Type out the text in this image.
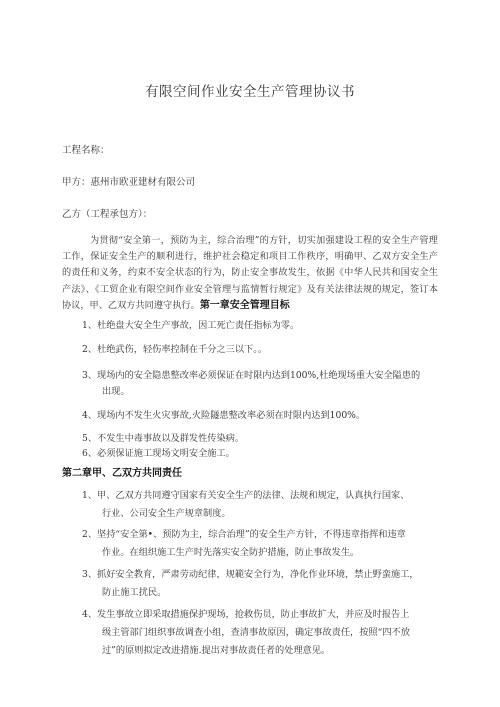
有限空间作业安全生产管理协议书
工程名称：
甲方：惠州市欧亚建材有限公司
乙方（工程承包方）：
为贯彻“安全第一，预防为主，综合治理”的方针，切实加强建设工程的安全生产管理工作，保证安全生产的顺利进行，维护社会稳定和项目工作秩序，明确甲、乙双方安全生产的责任和义务，约束不安全状态的行为，防止安全事故发生，依据《中华人民共和国安全生产法》、《工贸企业有限空间作业安全管理与监情暂行规定》及有关法律法规的规定，签订本协议，甲、乙双方共同遵守执行。第一章安全管理目标
1、杜绝盘大安全生产事故，因工死亡责任指标为零。
2、杜绝武伤，轻伤率控制在千分之三以下。。
3、现场内的安全隐患整改率必须保证在时限内达到100%,杜绝现场重大安全隘患的
出现。
4、现场内不发生火灾事故,火险隧患整改率必须在时限内达到100%。
5、不发生中毒事故以及群发性传染病。
6、必须保证施工现场文明安全施工。
第二章甲、乙双方共同责任
1、甲、乙双方共同遵守国家有关安全生产的法律、法规和规定，认真执行国家、
行业、公司安全生产规章制度。
2、坚持“安全第•、预防为主，综合治理”的安全生产方针，不得违章指挥和违章
作业。在组织施工生产时先落实安全防护措施，防止事故发生。
3、抓好安全教育，严肃劳动纪律，规範安全行为，净化作业环境，禁止野蛮施工，
防止施工扰民。
4、发生事故立即采取措施保护现场，抢救伤员，防止事故扩大，并应及时报告上
级主管部门组织事故调查小组，查清事故原因，确定事故责任，按照“四不放
过”的原则拟定改进措施.提出对事故责任者的处理意见。
